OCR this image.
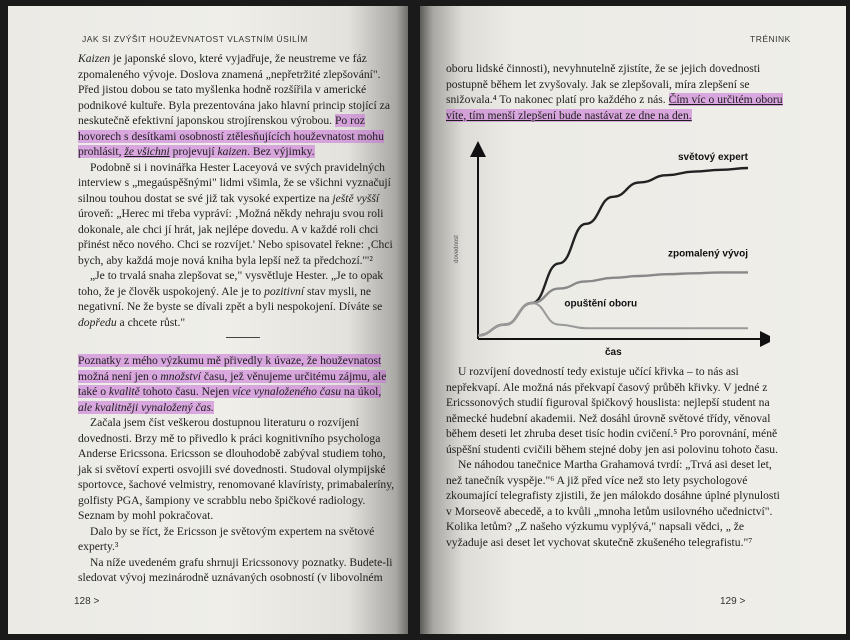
JAK SI ZVÝŠIT HOUŽEVNATOST VLASTNÍM ÚSILÍM

Kaizen je japonské slovo, které vyjadřuje, že neustreme ve fáz zpomaleného vývoje. Doslova znamená „nepřetržité zlepšování". Před jistou dobou se tato myšlenka hodně rozšířila v americké podnikové kultuře. Byla prezentována jako hlavní princip stojící za neskutečně efektivní japonskou strojírenskou výrobou. Po roz hovorech s desítkami osobností ztělesňujících houževnatost mohu prohlásit, že všichni projevují kaizen. Bez výjimky.

Podobně si i novinářka Hester Laceyová ve svých pravidelných interview s „megaúspěšnými" lidmi všimla, že se všichni vyznačují silnou touhou dostat se své již tak vysoké expertize na ještě vyšší úroveň: „Herec mi třeba vypráví: ‚Možná někdy nehraju svou roli dokonale, ale chci jí hrát, jak nejlépe dovedu. A v každé roli chci přinést něco nového. Chci se rozvíjet.' Nebo spisovatel řekne: ‚Chci bych, aby každá moje nová kniha byla lepší než ta předchozí.'"²

„Je to trvalá snaha zlepšovat se," vysvětluje Hester. „Je to opak toho, že je člověk uspokojený. Ale je to pozitivní stav mysli, ne negativní. Ne že byste se dívali zpět a byli nespokojení. Díváte se dopředu a chcete růst."

Poznatky z mého výzkumu mě přivedly k úvaze, že houževnatost možná není jen o množství času, jež věnujeme určitému zájmu, ale také o kvalitě tohoto času. Nejen více vynaloženého času na úkol, ale kvalitněji vynaložený čas.

Začala jsem číst veškerou dostupnou literaturu o rozvíjení dovednosti. Brzy mě to přivedlo k práci kognitivního psychologa Anderse Ericssona. Ericsson se dlouhodobě zabýval studiem toho, jak si světoví experti osvojili své dovednosti. Studoval olympijské sportovce, šachové velmistry, renomované klavíristy, primabaleríny, golfisty PGA, šampiony ve scrabblu nebo špičkové radiology. Seznam by mohl pokračovat.

Dalo by se říct, že Ericsson je světovým expertem na světové experty.³

Na níže uvedeném grafu shrnuji Ericssonovy poznatky. Budete-li sledovat vývoj mezinárodně uznávaných osobností (v libovolném

128 >
TRÉNINK

oboru lidské činnosti), nevyhnutelně zjistíte, že se jejich dovednosti postupně během let zvyšovaly. Jak se zlepšovali, míra zlepšení se snižovala.⁴ To nakonec platí pro každého z nás. Čím víc o určitém oboru víte, tím menší zlepšení bude nastávat ze dne na den.

světový expert
zpomalený vývoj
opuštění oboru
čas
dovednost

U rozvíjení dovedností tedy existuje učící křivka – to nás asi nepřekvapí. Ale možná nás překvapí časový průběh křivky. V jedné z Ericssonových studií figuroval špičkový houslista: nejlepší student na německé hudební akademii. Než dosáhl úrovně světové třídy, věnoval během deseti let zhruba deset tisíc hodin cvičení.⁵ Pro porovnání, méně úspěšní studenti cvičili během stejné doby jen asi polovinu tohoto času.

Ne náhodou tanečnice Martha Grahamová tvrdí: „Trvá asi deset let, než tanečník vyspěje."⁶ A již před více než sto lety psychologové zkoumající telegrafisty zjistili, že jen málokdo dosáhne úplné plynulosti v Morseově abecedě, a to kvůli „mnoha letům usilovného učednictví". Kolika letům? „Z našeho výzkumu vyplývá," napsali vědci, „ že vyžaduje asi deset let vychovat skutečně zkušeného telegrafistu."⁷

129 >
